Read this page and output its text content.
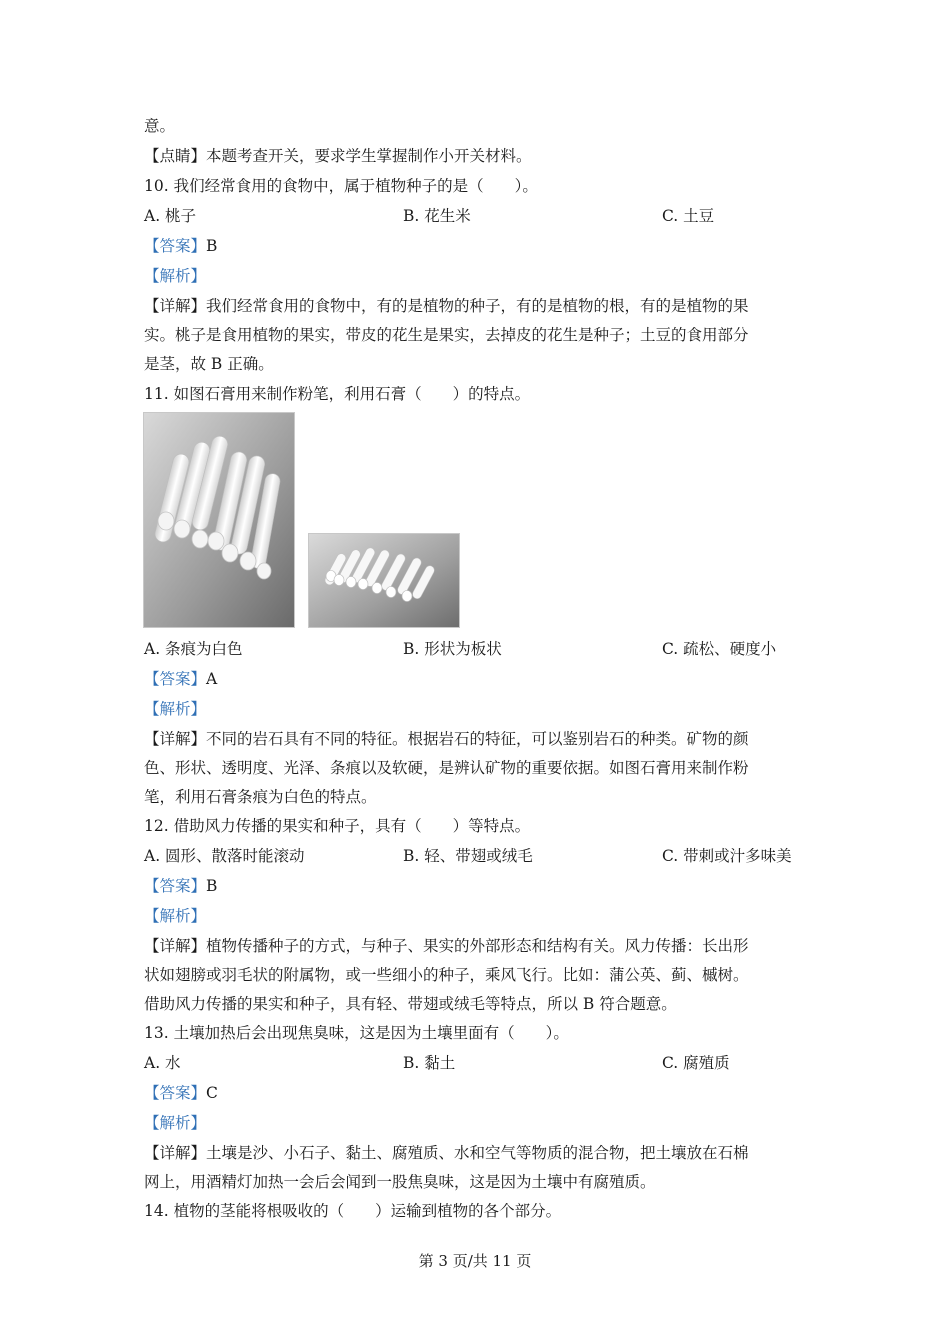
意。
【点睛】本题考查开关，要求学生掌握制作小开关材料。
10. 我们经常食用的食物中，属于植物种子的是（　　）。
A. 桃子	B. 花生米	C. 土豆
【答案】B
【解析】
【详解】我们经常食用的食物中，有的是植物的种子，有的是植物的根，有的是植物的果
实。桃子是食用植物的果实，带皮的花生是果实，去掉皮的花生是种子；土豆的食用部分
是茎，故 B 正确。
11. 如图石膏用来制作粉笔，利用石膏（　　）的特点。
A. 条痕为白色	B. 形状为板状	C. 疏松、硬度小
【答案】A
【解析】
【详解】不同的岩石具有不同的特征。根据岩石的特征，可以鉴别岩石的种类。矿物的颜
色、形状、透明度、光泽、条痕以及软硬，是辨认矿物的重要依据。如图石膏用来制作粉
笔，利用石膏条痕为白色的特点。
12. 借助风力传播的果实和种子，具有（　　）等特点。
A. 圆形、散落时能滚动	B. 轻、带翅或绒毛	C. 带刺或汁多味美
【答案】B
【解析】
【详解】植物传播种子的方式，与种子、果实的外部形态和结构有关。风力传播：长出形
状如翅膀或羽毛状的附属物，或一些细小的种子，乘风飞行。比如：蒲公英、蓟、槭树。
借助风力传播的果实和种子，具有轻、带翅或绒毛等特点，所以 B 符合题意。
13. 土壤加热后会出现焦臭味，这是因为土壤里面有（　　）。
A. 水	B. 黏土	C. 腐殖质
【答案】C
【解析】
【详解】土壤是沙、小石子、黏土、腐殖质、水和空气等物质的混合物，把土壤放在石棉
网上，用酒精灯加热一会后会闻到一股焦臭味，这是因为土壤中有腐殖质。
14. 植物的茎能将根吸收的（　　）运输到植物的各个部分。
第 3 页/共 11 页
